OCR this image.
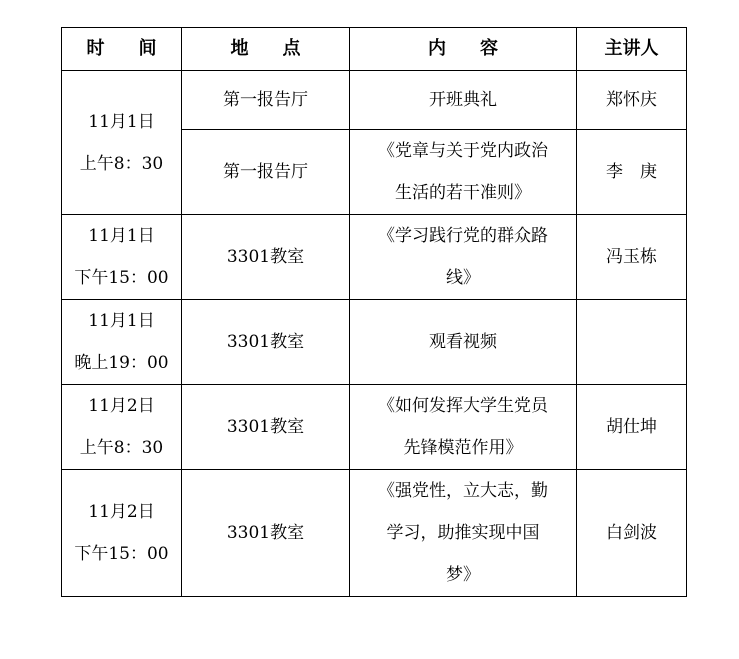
时 间	地 点	内 容	主讲人

11月1日
上午8：30	第一报告厅	开班典礼	郑怀庆

	第一报告厅	《党章与关于党内政治
生活的若干准则》	李　庚

11月1日
下午15：00	3301教室	《学习践行党的群众路
线》	冯玉栋

11月1日
晚上19：00	3301教室	观看视频	

11月2日
上午8：30	3301教室	《如何发挥大学生党员
先锋模范作用》	胡仕坤

11月2日
下午15：00	3301教室	《强党性，立大志，勤
学习，助推实现中国
梦》	白剑波
